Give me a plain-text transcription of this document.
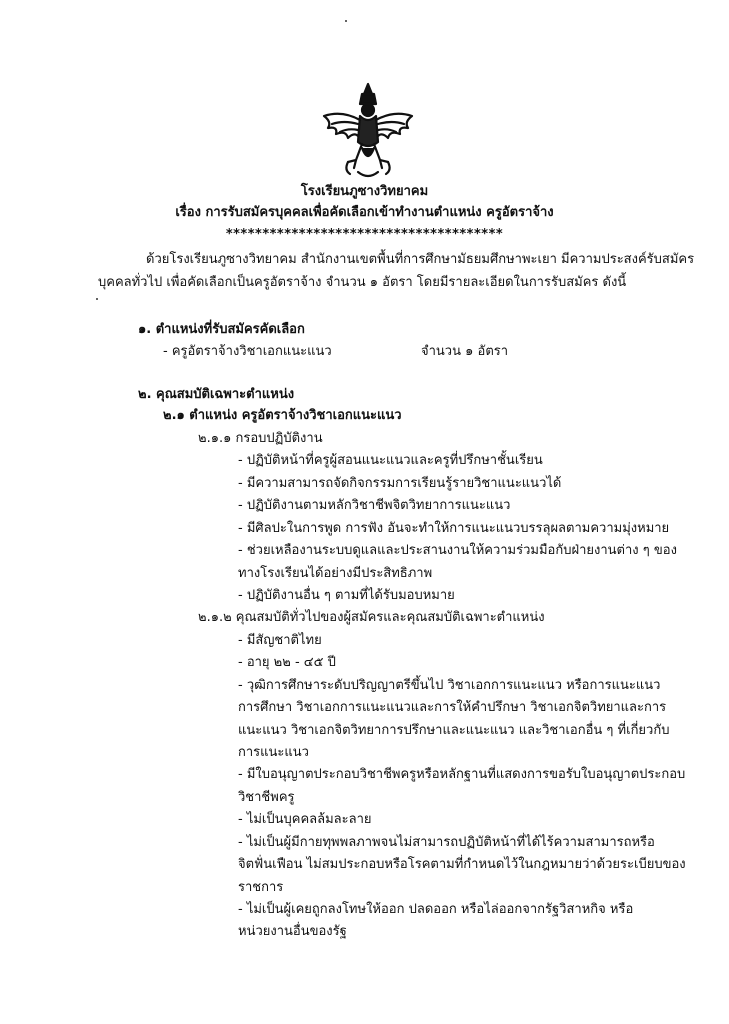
โรงเรียนภูซางวิทยาคม
เรื่อง การรับสมัครบุคคลเพื่อคัดเลือกเข้าทำงานตำแหน่ง ครูอัตราจ้าง
**************************************
ด้วยโรงเรียนภูซางวิทยาคม สำนักงานเขตพื้นที่การศึกษามัธยมศึกษาพะเยา มีความประสงค์รับสมัคร
บุคคลทั่วไป เพื่อคัดเลือกเป็นครูอัตราจ้าง จำนวน ๑ อัตรา โดยมีรายละเอียดในการรับสมัคร ดังนี้
๑. ตำแหน่งที่รับสมัครคัดเลือก
- ครูอัตราจ้างวิชาเอกแนะแนว	จำนวน ๑ อัตรา
๒. คุณสมบัติเฉพาะตำแหน่ง
๒.๑ ตำแหน่ง ครูอัตราจ้างวิชาเอกแนะแนว
๒.๑.๑ กรอบปฏิบัติงาน
- ปฏิบัติหน้าที่ครูผู้สอนแนะแนวและครูที่ปรึกษาชั้นเรียน
- มีความสามารถจัดกิจกรรมการเรียนรู้รายวิชาแนะแนวได้
- ปฏิบัติงานตามหลักวิชาชีพจิตวิทยาการแนะแนว
- มีศิลปะในการพูด การฟัง อันจะทำให้การแนะแนวบรรลุผลตามความมุ่งหมาย
- ช่วยเหลืองานระบบดูแลและประสานงานให้ความร่วมมือกับฝ่ายงานต่าง ๆ ของ
ทางโรงเรียนได้อย่างมีประสิทธิภาพ
- ปฏิบัติงานอื่น ๆ ตามที่ได้รับมอบหมาย
๒.๑.๒ คุณสมบัติทั่วไปของผู้สมัครและคุณสมบัติเฉพาะตำแหน่ง
- มีสัญชาติไทย
- อายุ ๒๒ - ๔๕ ปี
- วุฒิการศึกษาระดับปริญญาตรีขึ้นไป วิชาเอกการแนะแนว หรือการแนะแนว
การศึกษา วิชาเอกการแนะแนวและการให้คำปรึกษา วิชาเอกจิตวิทยาและการ
แนะแนว วิชาเอกจิตวิทยาการปรึกษาและแนะแนว และวิชาเอกอื่น ๆ ที่เกี่ยวกับ
การแนะแนว
- มีใบอนุญาตประกอบวิชาชีพครูหรือหลักฐานที่แสดงการขอรับใบอนุญาตประกอบ
วิชาชีพครู
- ไม่เป็นบุคคลล้มละลาย
- ไม่เป็นผู้มีกายทุพพลภาพจนไม่สามารถปฏิบัติหน้าที่ได้ไร้ความสามารถหรือ
จิตฟั่นเฟือน ไม่สมประกอบหรือโรคตามที่กำหนดไว้ในกฎหมายว่าด้วยระเบียบของ
ราชการ
- ไม่เป็นผู้เคยถูกลงโทษให้ออก ปลดออก หรือไล่ออกจากรัฐวิสาหกิจ หรือ
หน่วยงานอื่นของรัฐ
